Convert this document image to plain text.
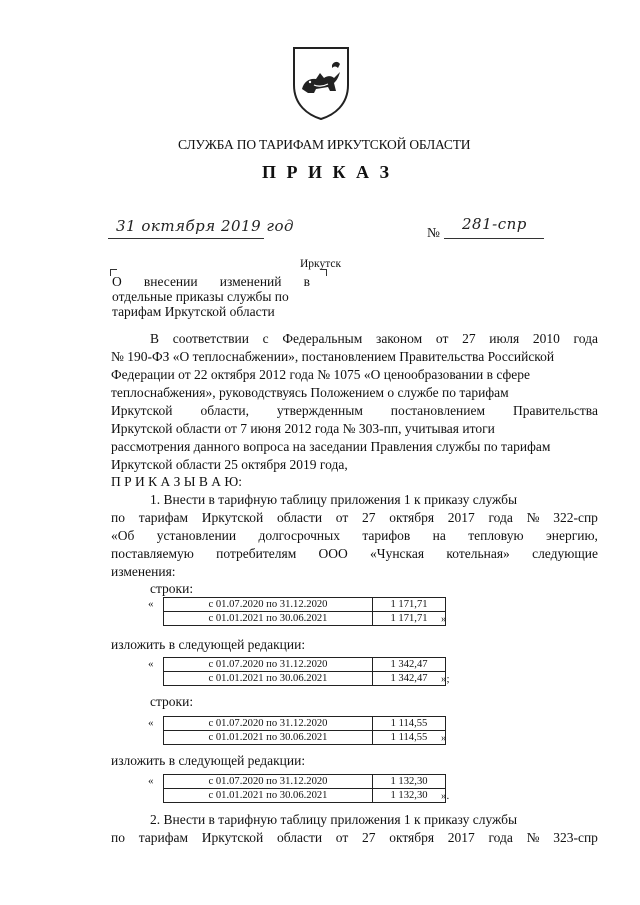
СЛУЖБА ПО ТАРИФАМ ИРКУТСКОЙ ОБЛАСТИ
П Р И К А З
31 октября 2019 год	№ 281-спр
Иркутск
О внесении изменений в
отдельные приказы службы по
тарифам Иркутской области
В соответствии с Федеральным законом от 27 июля 2010 года
№ 190-ФЗ «О теплоснабжении», постановлением Правительства Российской
Федерации от 22 октября 2012 года № 1075 «О ценообразовании в сфере
теплоснабжения», руководствуясь Положением о службе по тарифам
Иркутской области, утвержденным постановлением Правительства
Иркутской области от 7 июня 2012 года № 303-пп, учитывая итоги
рассмотрения данного вопроса на заседании Правления службы по тарифам
Иркутской области 25 октября 2019 года,
П Р И К А З Ы В А Ю:
1. Внести в тарифную таблицу приложения 1 к приказу службы
по тарифам Иркутской области от 27 октября 2017 года № 322-спр
«Об установлении долгосрочных тарифов на тепловую энергию,
поставляемую потребителям ООО «Чунская котельная» следующие
изменения:
строки:
«	с 01.07.2020 по 31.12.2020	1 171,71
с 01.01.2021 по 30.06.2021	1 171,71 »
изложить в следующей редакции:
«	с 01.07.2020 по 31.12.2020	1 342,47
с 01.01.2021 по 30.06.2021	1 342,47 »;
строки:
«	с 01.07.2020 по 31.12.2020	1 114,55
с 01.01.2021 по 30.06.2021	1 114,55 »
изложить в следующей редакции:
«	с 01.07.2020 по 31.12.2020	1 132,30
с 01.01.2021 по 30.06.2021	1 132,30 ».
2. Внести в тарифную таблицу приложения 1 к приказу службы
по тарифам Иркутской области от 27 октября 2017 года № 323-спр
